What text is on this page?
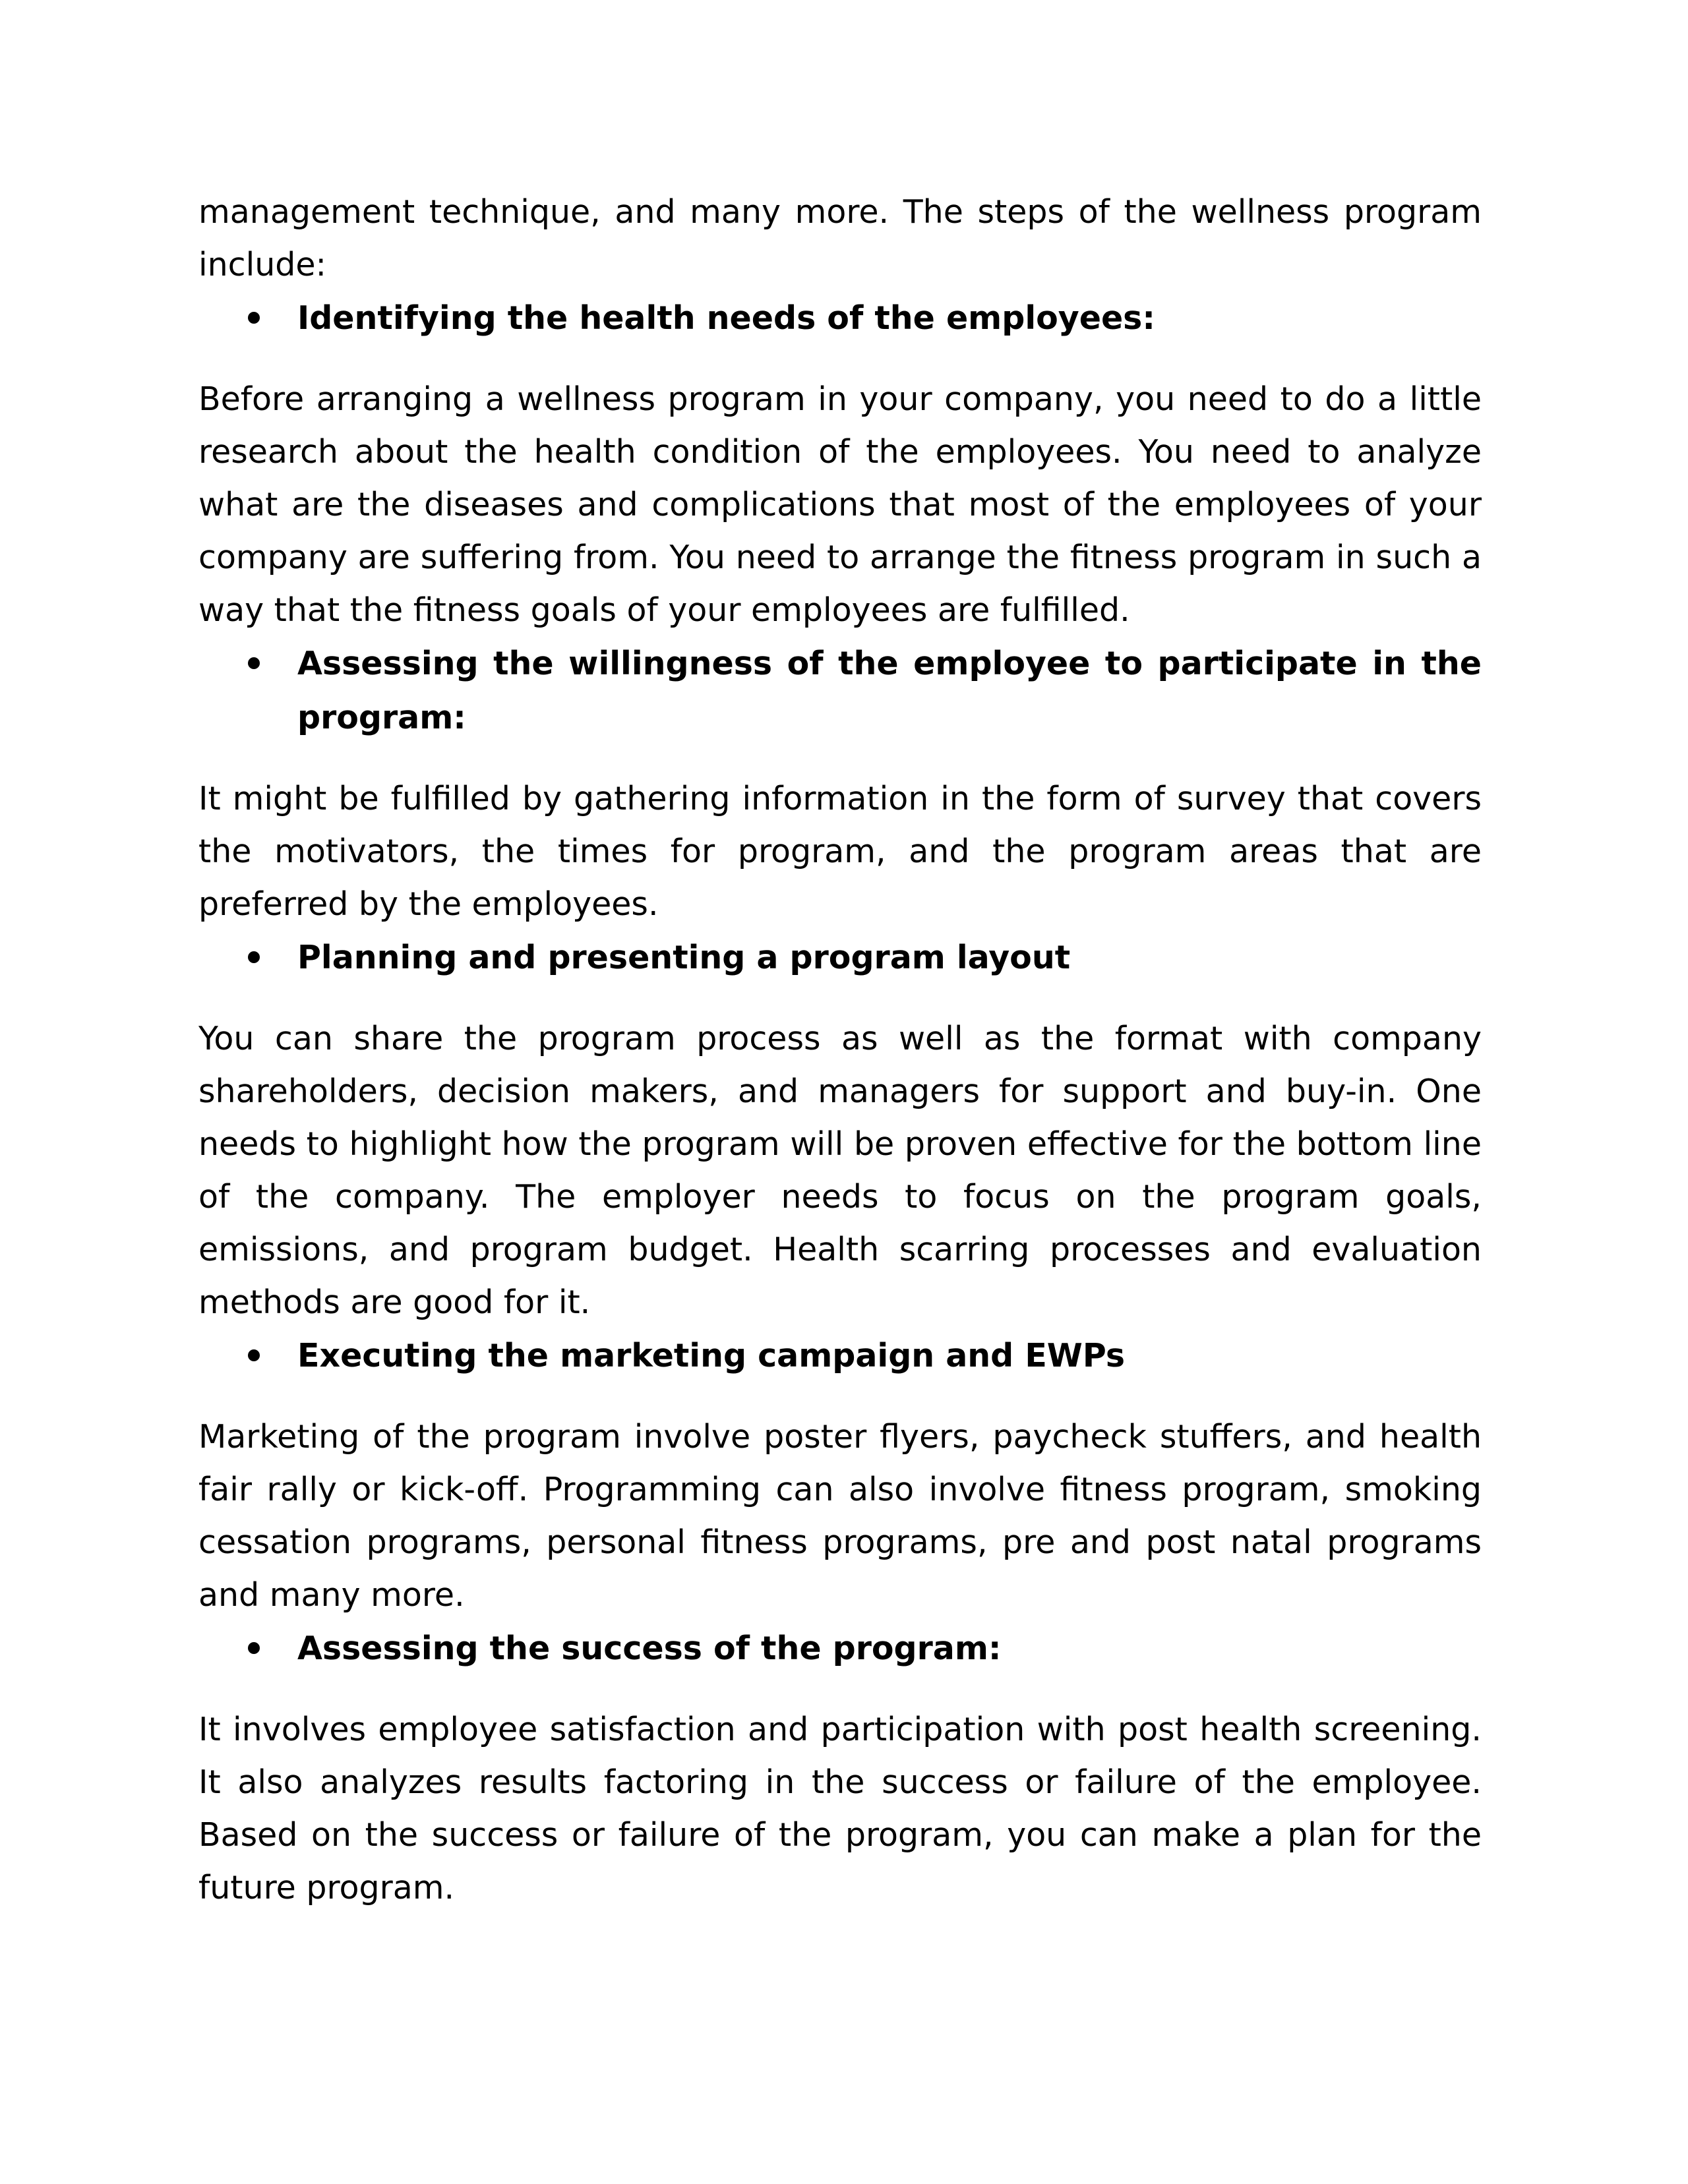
management technique, and many more. The steps of the wellness program include:

Identifying the health needs of the employees:

Before arranging a wellness program in your company, you need to do a little research about the health condition of the employees. You need to analyze what are the diseases and complications that most of the employees of your company are suffering from. You need to arrange the fitness program in such a way that the fitness goals of your employees are fulfilled.

Assessing the willingness of the employee to participate in the program:

It might be fulfilled by gathering information in the form of survey that covers the motivators, the times for program, and the program areas that are preferred by the employees.

Planning and presenting a program layout

You can share the program process as well as the format with company shareholders, decision makers, and managers for support and buy-in. One needs to highlight how the program will be proven effective for the bottom line of the company. The employer needs to focus on the program goals, emissions, and program budget. Health scarring processes and evaluation methods are good for it.

Executing the marketing campaign and EWPs

Marketing of the program involve poster flyers, paycheck stuffers, and health fair rally or kick-off. Programming can also involve fitness program, smoking cessation programs, personal fitness programs, pre and post natal programs and many more.

Assessing the success of the program:

It involves employee satisfaction and participation with post health screening. It also analyzes results factoring in the success or failure of the employee. Based on the success or failure of the program, you can make a plan for the future program.
